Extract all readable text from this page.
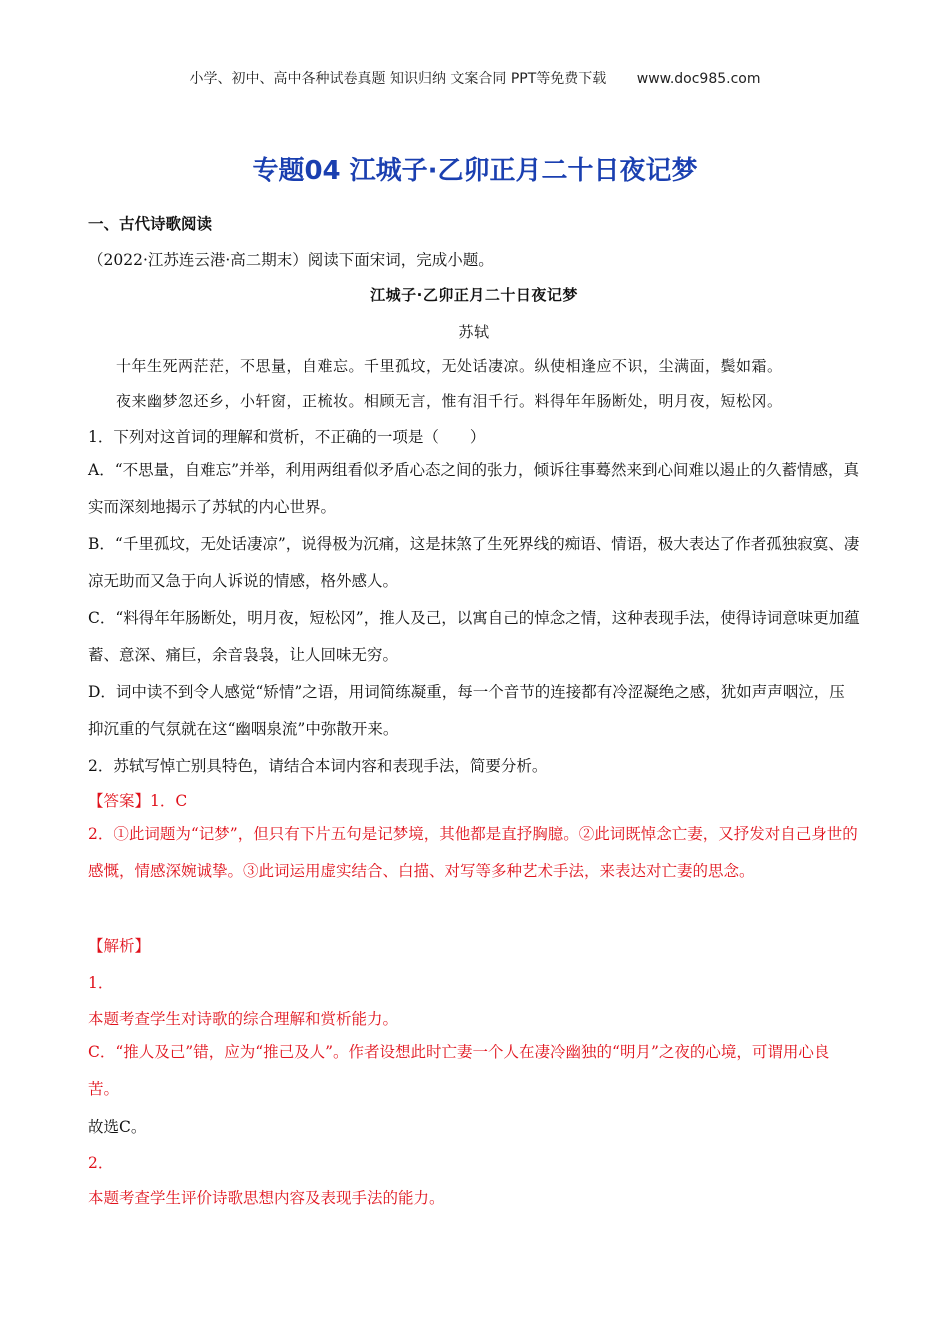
小学、初中、高中各种试卷真题 知识归纳 文案合同 PPT等免费下载 www.doc985.com
专题04 江城子·乙卯正月二十日夜记梦
一、古代诗歌阅读
（2022·江苏连云港·高二期末）阅读下面宋词，完成小题。
江城子·乙卯正月二十日夜记梦
苏轼
十年生死两茫茫，不思量，自难忘。千里孤坟，无处话凄凉。纵使相逢应不识，尘满面，鬓如霜。
夜来幽梦忽还乡，小轩窗，正梳妆。相顾无言，惟有泪千行。料得年年肠断处，明月夜，短松冈。
1．下列对这首词的理解和赏析，不正确的一项是（　　）
A．“不思量，自难忘”并举，利用两组看似矛盾心态之间的张力，倾诉往事蓦然来到心间难以遏止的久蓄情感，真实而深刻地揭示了苏轼的内心世界。
B．“千里孤坟，无处话凄凉”，说得极为沉痛，这是抹煞了生死界线的痴语、情语，极大表达了作者孤独寂寞、凄凉无助而又急于向人诉说的情感，格外感人。
C．“料得年年肠断处，明月夜，短松冈”，推人及己，以寓自己的悼念之情，这种表现手法，使得诗词意味更加蕴蓄、意深、痛巨，余音袅袅，让人回味无穷。
D．词中读不到令人感觉“矫情”之语，用词简练凝重，每一个音节的连接都有冷涩凝绝之感，犹如声声咽泣，压抑沉重的气氛就在这“幽咽泉流”中弥散开来。
2．苏轼写悼亡别具特色，请结合本词内容和表现手法，简要分析。
【答案】1．C
2．①此词题为“记梦”，但只有下片五句是记梦境，其他都是直抒胸臆。②此词既悼念亡妻，又抒发对自己身世的感慨，情感深婉诚挚。③此词运用虚实结合、白描、对写等多种艺术手法，来表达对亡妻的思念。
【解析】
1．
本题考查学生对诗歌的综合理解和赏析能力。
C．“推人及己”错，应为“推己及人”。作者设想此时亡妻一个人在凄冷幽独的“明月”之夜的心境，可谓用心良苦。
故选C。
2．
本题考查学生评价诗歌思想内容及表现手法的能力。
